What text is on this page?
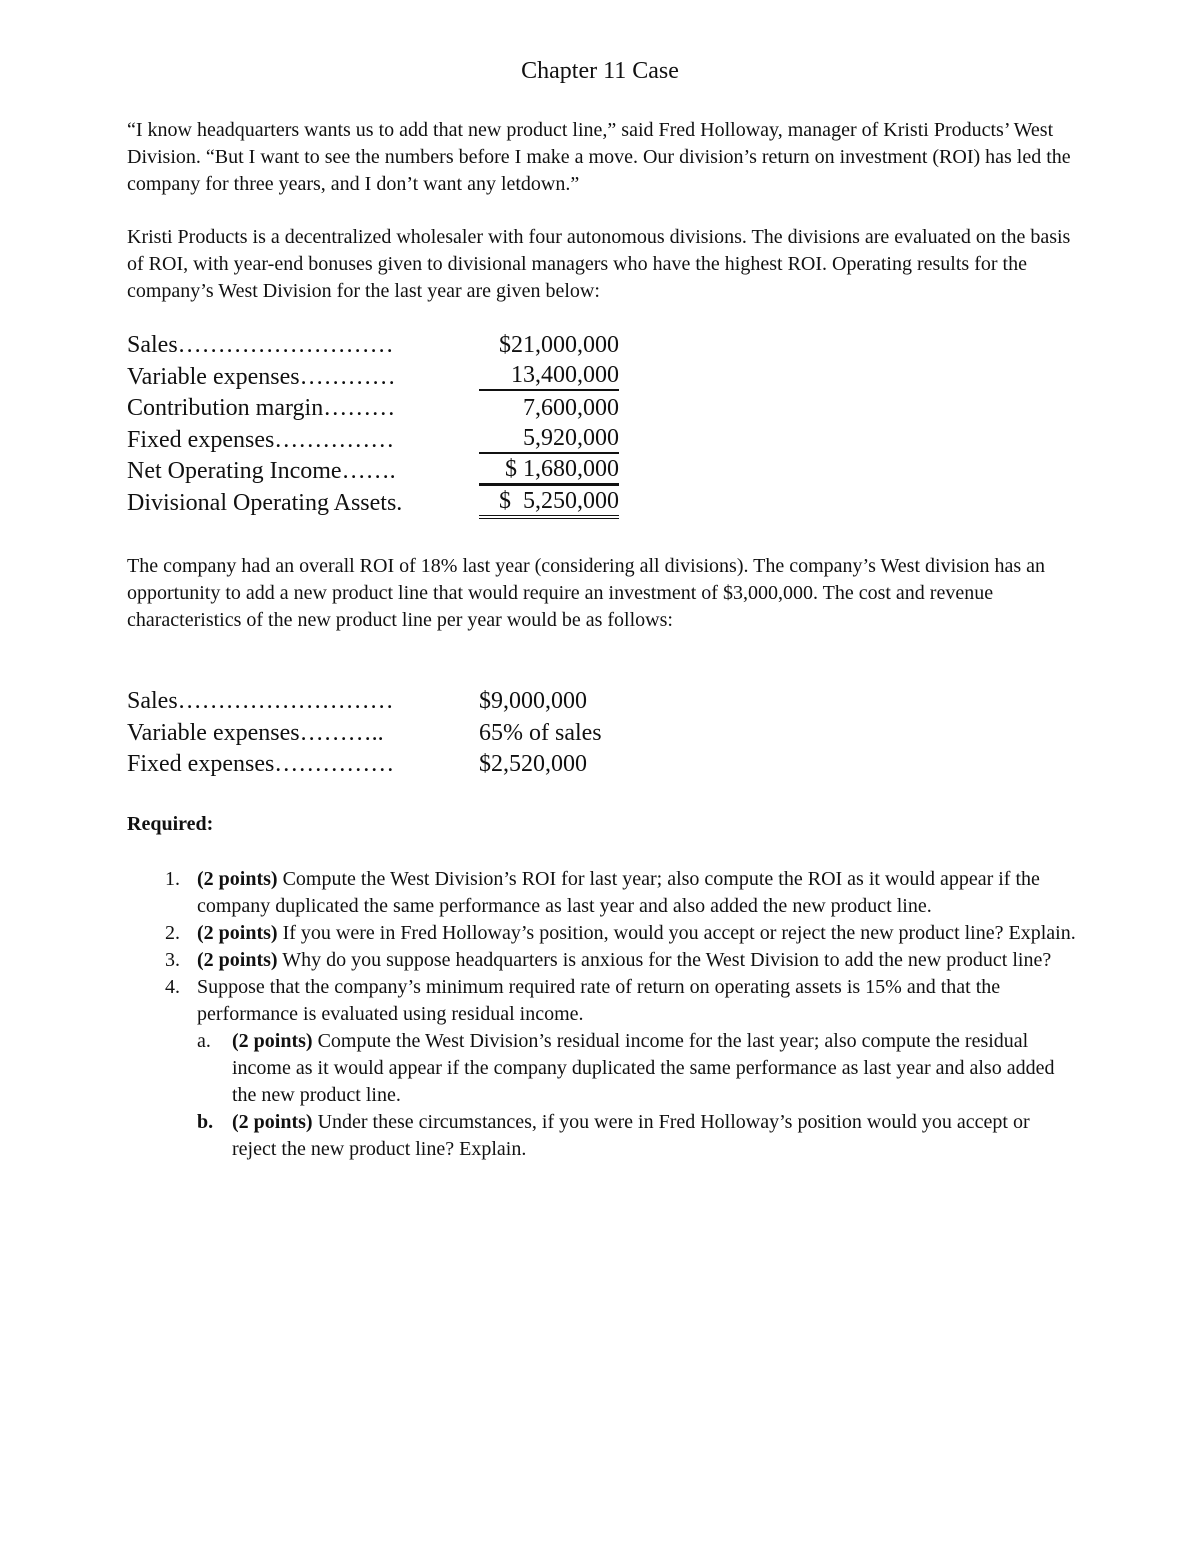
Chapter 11 Case
“I know headquarters wants us to add that new product line,” said Fred Holloway, manager of Kristi Products’ West Division. “But I want to see the numbers before I make a move. Our division’s return on investment (ROI) has led the company for three years, and I don’t want any letdown.”
Kristi Products is a decentralized wholesaler with four autonomous divisions. The divisions are evaluated on the basis of ROI, with year-end bonuses given to divisional managers who have the highest ROI. Operating results for the company’s West Division for the last year are given below:
Sales………………………	$21,000,000
Variable expenses…………	13,400,000
Contribution margin………	7,600,000
Fixed expenses……………	5,920,000
Net Operating Income…….	$ 1,680,000
Divisional Operating Assets.	$  5,250,000
The company had an overall ROI of 18% last year (considering all divisions). The company’s West division has an opportunity to add a new product line that would require an investment of $3,000,000. The cost and revenue characteristics of the new product line per year would be as follows:
Sales………………………	$9,000,000
Variable expenses………..	65% of sales
Fixed expenses……………	$2,520,000
Required:
1. (2 points) Compute the West Division’s ROI for last year; also compute the ROI as it would appear if the company duplicated the same performance as last year and also added the new product line.
2. (2 points) If you were in Fred Holloway’s position, would you accept or reject the new product line? Explain.
3. (2 points) Why do you suppose headquarters is anxious for the West Division to add the new product line?
4. Suppose that the company’s minimum required rate of return on operating assets is 15% and that the performance is evaluated using residual income.
a. (2 points) Compute the West Division’s residual income for the last year; also compute the residual income as it would appear if the company duplicated the same performance as last year and also added the new product line.
b. (2 points) Under these circumstances, if you were in Fred Holloway’s position would you accept or reject the new product line? Explain.
